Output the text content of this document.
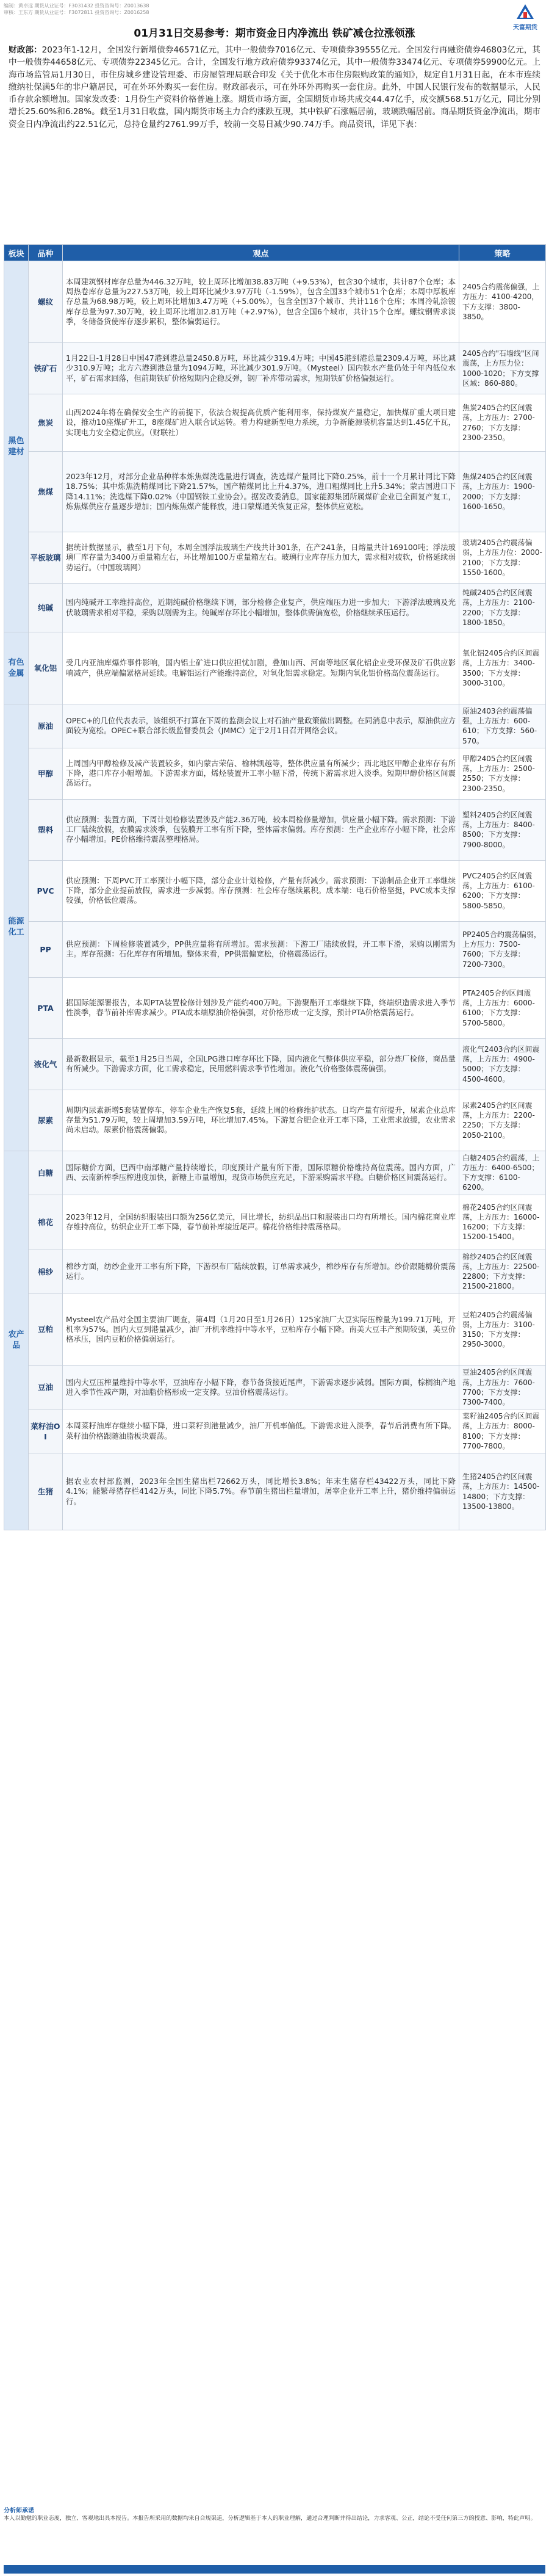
编制：黄卓远 期货从业证号：F3031432 投资咨询号：Z0013638
审核：王东方 期货从业证号：F3072811 投资咨询号：Z0016258
天富期货
01月31日交易参考：期市资金日内净流出 铁矿减仓拉涨领涨
财政部：2023年1-12月，全国发行新增债券46571亿元，其中一般债券7016亿元、专项债券39555亿元。全国发行再融资债券46803亿元，其中一般债券44658亿元、专项债券22345亿元。合计，全国发行地方政府债券93374亿元，其中一般债券33474亿元、专项债券59900亿元。上海市场监管局1月30日，市住房城乡建设管理委、市房屋管理局联合印发《关于优化本市住房限购政策的通知》，规定自1月31日起，在本市连续缴纳社保满5年的非户籍居民，可在外环外购买一套住房。财政部表示，可在外环外再购买一套住房。此外，中国人民银行发布的数据显示，人民币存款余额增加。国家发改委：1月份生产资料价格普遍上涨。期货市场方面，全国期货市场共成交44.47亿手，成交额568.51万亿元，同比分别增长25.60%和6.28%。截至1月31日收盘，国内期货市场主力合约涨跌互现，其中铁矿石涨幅居前，玻璃跌幅居前。商品期货资金净流出，期市资金日内净流出约22.51亿元，总持仓量约2761.99万手，较前一交易日减少90.74万手。商品资讯，详见下表：
板块	品种	观点	策略
黑色建材	螺纹	本周建筑钢材库存总量为446.32万吨，较上周环比增加38.83万吨（+9.53%），包含30个城市，共计87个仓库；本周热卷库存总量为227.53万吨，较上周环比减少3.97万吨（-1.59%），包含全国33个城市51个仓库；本周中厚板库存总量为68.98万吨，较上周环比增加3.47万吨（+5.00%），包含全国37个城市、共计116个仓库；本周冷轧涂镀库存总量为97.30万吨，较上周环比增加2.81万吨（+2.97%），包含全国6个城市，共计15个仓库。螺纹钢需求淡季，冬储备货使库存逐步累积，整体偏弱运行。	2405合约震荡偏强，上方压力：4100-4200，下方支撑：3800-3850。
	铁矿石	1月22日-1月28日中国47港到港总量2450.8万吨，环比减少319.4万吨；中国45港到港总量2309.4万吨，环比减少310.9万吨；北方六港到港总量为1094万吨，环比减少301.9万吨。（Mysteel）国内铁水产量仍处于年内低位水平，矿石需求回落，但前期铁矿价格短期内企稳反弹，钢厂补库带动需求，短期铁矿价格偏强运行。	2405合约"石墙线"区间震荡，上方压力位：1000-1020；下方支撑区域：860-880。
	焦炭	山西2024年将在确保安全生产的前提下，依法合规提高优质产能利用率，保持煤炭产量稳定，加快煤矿重大项目建设，推动10座煤矿开工，8座煤矿进入联合试运转。着力构建新型电力系统，力争新能源装机容量达到1.45亿千瓦，实现电力安全稳定供应。（财联社）	焦炭2405合约区间震荡，上方压力：2700-2760；下方支撑：2300-2350。
	焦煤	2023年12月，对部分企业品种样本炼焦煤洗选量进行调查，洗选煤产量同比下降0.25%，前十一个月累计同比下降18.75%；其中炼焦洗精煤同比下降21.57%，国产精煤同比上升4.37%，进口粗煤同比上升5.34%；蒙古国进口下降14.11%；洗选煤下降0.02%（中国钢铁工业协会）。据发改委消息，国家能源集团所属煤矿企业已全面复产复工，炼焦煤供应存量逐步增加；国内炼焦煤产能释放，进口蒙煤通关恢复正常，整体供应宽松。	焦煤2405合约区间震荡，上方压力：1900-2000；下方支撑：1600-1650。
	平板玻璃	据统计数据显示，截至1月下旬，本周全国浮法玻璃生产线共计301条，在产241条，日熔量共计169100吨；浮法玻璃厂库存量为3400万重量箱左右，环比增加100万重量箱左右。玻璃行业库存压力加大，需求相对疲软，价格延续弱势运行。（中国玻璃网）	玻璃2405合约震荡偏弱，上方压力位：2000-2100；下方支撑：1550-1600。
	纯碱	国内纯碱开工率维持高位，近期纯碱价格继续下调，部分检修企业复产，供应端压力进一步加大；下游浮法玻璃及光伏玻璃需求相对平稳，采购以刚需为主。纯碱库存环比小幅增加，整体供需偏宽松，价格继续承压运行。	纯碱2405合约区间震荡，上方压力：2100-2200；下方支撑：1800-1850。
有色金属	氧化铝	受几内亚油库爆炸事件影响，国内铝土矿进口供应担忧加剧，叠加山西、河南等地区氧化铝企业受环保及矿石供应影响减产，供应端偏紧格局延续。电解铝运行产能维持高位，对氧化铝需求稳定。短期内氧化铝价格高位震荡运行。	氧化铝2405合约区间震荡，上方压力：3400-3500；下方支撑：3000-3100。
能源化工	原油	OPEC+的几位代表表示，该组织不打算在下周的监测会议上对石油产量政策做出调整。在同消息中表示，原油供应方面较为宽松。OPEC+联合部长级监督委员会（JMMC）定于2月1日召开网络会议。	原油2403合约震荡偏强，上方压力：600-610；下方支撑：560-570。
	甲醇	上周国内甲醇检修及减产装置较多，如内蒙古荣信、榆林凯越等，整体供应量有所减少；西北地区甲醇企业库存有所下降，港口库存小幅增加。下游需求方面，烯烃装置开工率小幅下滑，传统下游需求进入淡季。短期甲醇价格区间震荡运行。	甲醇2405合约区间震荡，上方压力：2500-2550；下方支撑：2300-2350。
	塑料	供应预测：装置方面，下周计划检修装置涉及产能2.36万吨，较本周检修量增加，供应量小幅下降。需求预测：下游工厂陆续放假，农膜需求淡季，包装膜开工率有所下降，整体需求偏弱。库存预测：生产企业库存小幅下降，社会库存小幅增加。PE价格维持震荡整理格局。	塑料2405合约区间震荡，上方压力：8400-8500；下方支撑：7900-8000。
	PVC	供应预测：下周PVC开工率预计小幅下降，部分企业计划检修，产量有所减少。需求预测：下游制品企业开工率继续下降，部分企业提前放假，需求进一步减弱。库存预测：社会库存继续累积。成本端：电石价格坚挺，PVC成本支撑较强，价格低位震荡。	PVC2405合约区间震荡，上方压力：6100-6200；下方支撑：5800-5850。
	PP	供应预测：下周检修装置减少，PP供应量将有所增加。需求预测：下游工厂陆续放假，开工率下滑，采购以刚需为主。库存预测：石化库存有所增加。整体来看，PP供需偏宽松，价格震荡运行。	PP2405合约震荡偏弱，上方压力：7500-7600；下方支撑：7200-7300。
	PTA	据国际能源署报告，本周PTA装置检修计划涉及产能约400万吨。下游聚酯开工率继续下降，终端织造需求进入季节性淡季，春节前补库需求减少。PTA成本端原油价格偏强，对价格形成一定支撑，预计PTA价格震荡运行。	PTA2405合约区间震荡，上方压力：6000-6100；下方支撑：5700-5800。
	液化气	最新数据显示，截至1月25日当周，全国LPG港口库存环比下降，国内液化气整体供应平稳，部分炼厂检修，商品量有所减少。下游需求方面，化工需求稳定，民用燃料需求季节性增加。液化气价格整体震荡偏强。	液化气2403合约区间震荡，上方压力：4900-5000；下方支撑：4500-4600。
	尿素	周期内尿素新增5套装置停车，停车企业生产恢复5套，延续上周的检修维护状态。日均产量有所提升，尿素企业总库存量为51.79万吨，较上周增加3.59万吨，环比增加7.45%。下游复合肥企业开工率下降，工业需求放缓，农业需求尚未启动。尿素价格震荡偏弱。	尿素2405合约区间震荡，上方压力：2200-2250；下方支撑：2050-2100。
农产品	白糖	国际糖价方面，巴西中南部糖产量持续增长，印度预计产量有所下滑，国际原糖价格维持高位震荡。国内方面，广西、云南新榨季压榨进度加快，新糖上市量增加，现货市场供应充足，下游采购需求平稳。白糖价格区间震荡运行。	白糖2405合约震荡，上方压力：6400-6500；下方支撑：6100-6200。
	棉花	2023年12月，全国纺织服装出口额为256亿美元，同比增长，纺织品出口和服装出口均有所增长。国内棉花商业库存维持高位，纺织企业开工率下降，春节前补库接近尾声。棉花价格维持震荡格局。	棉花2405合约区间震荡，上方压力：16000-16200；下方支撑：15200-15400。
	棉纱	棉纱方面，纺纱企业开工率有所下降，下游织布厂陆续放假，订单需求减少，棉纱库存有所增加。纱价跟随棉价震荡运行。	棉纱2405合约区间震荡，上方压力：22500-22800；下方支撑：21500-21800。
	豆粕	Mysteel农产品对全国主要油厂调查，第4周（1月20日至1月26日）125家油厂大豆实际压榨量为199.71万吨，开机率为57%。国内大豆到港量减少，油厂开机率维持中等水平，豆粕库存小幅下降。南美大豆丰产预期较强，美豆价格承压，国内豆粕价格偏弱运行。	豆粕2405合约震荡偏弱，上方压力：3100-3150；下方支撑：2950-3000。
	豆油	国内大豆压榨量维持中等水平，豆油库存小幅下降，春节备货接近尾声，下游需求逐步减弱。国际方面，棕榈油产地进入季节性减产期，对油脂价格形成一定支撑。豆油价格震荡运行。	豆油2405合约区间震荡，上方压力：7600-7700；下方支撑：7300-7400。
	菜籽油OI	本周菜籽油库存继续小幅下降，进口菜籽到港量减少，油厂开机率偏低。下游需求进入淡季，春节后消费有所下降。菜籽油价格跟随油脂板块震荡。	菜籽油2405合约区间震荡，上方压力：8000-8100；下方支撑：7700-7800。
	生猪	据农业农村部监测，2023年全国生猪出栏72662万头，同比增长3.8%；年末生猪存栏43422万头，同比下降4.1%；能繁母猪存栏4142万头，同比下降5.7%。春节前生猪出栏量增加，屠宰企业开工率上升，猪价维持偏弱运行。	生猪2405合约区间震荡，上方压力：14500-14800；下方支撑：13500-13800。
分析师承诺
本人以勤勉的职业态度，独立、客观地出具本报告。本报告所采用的数据均来自合规渠道，分析逻辑基于本人的职业理解，通过合理判断并得出结论，力求客观、公正，结论不受任何第三方的授意、影响，特此声明。
